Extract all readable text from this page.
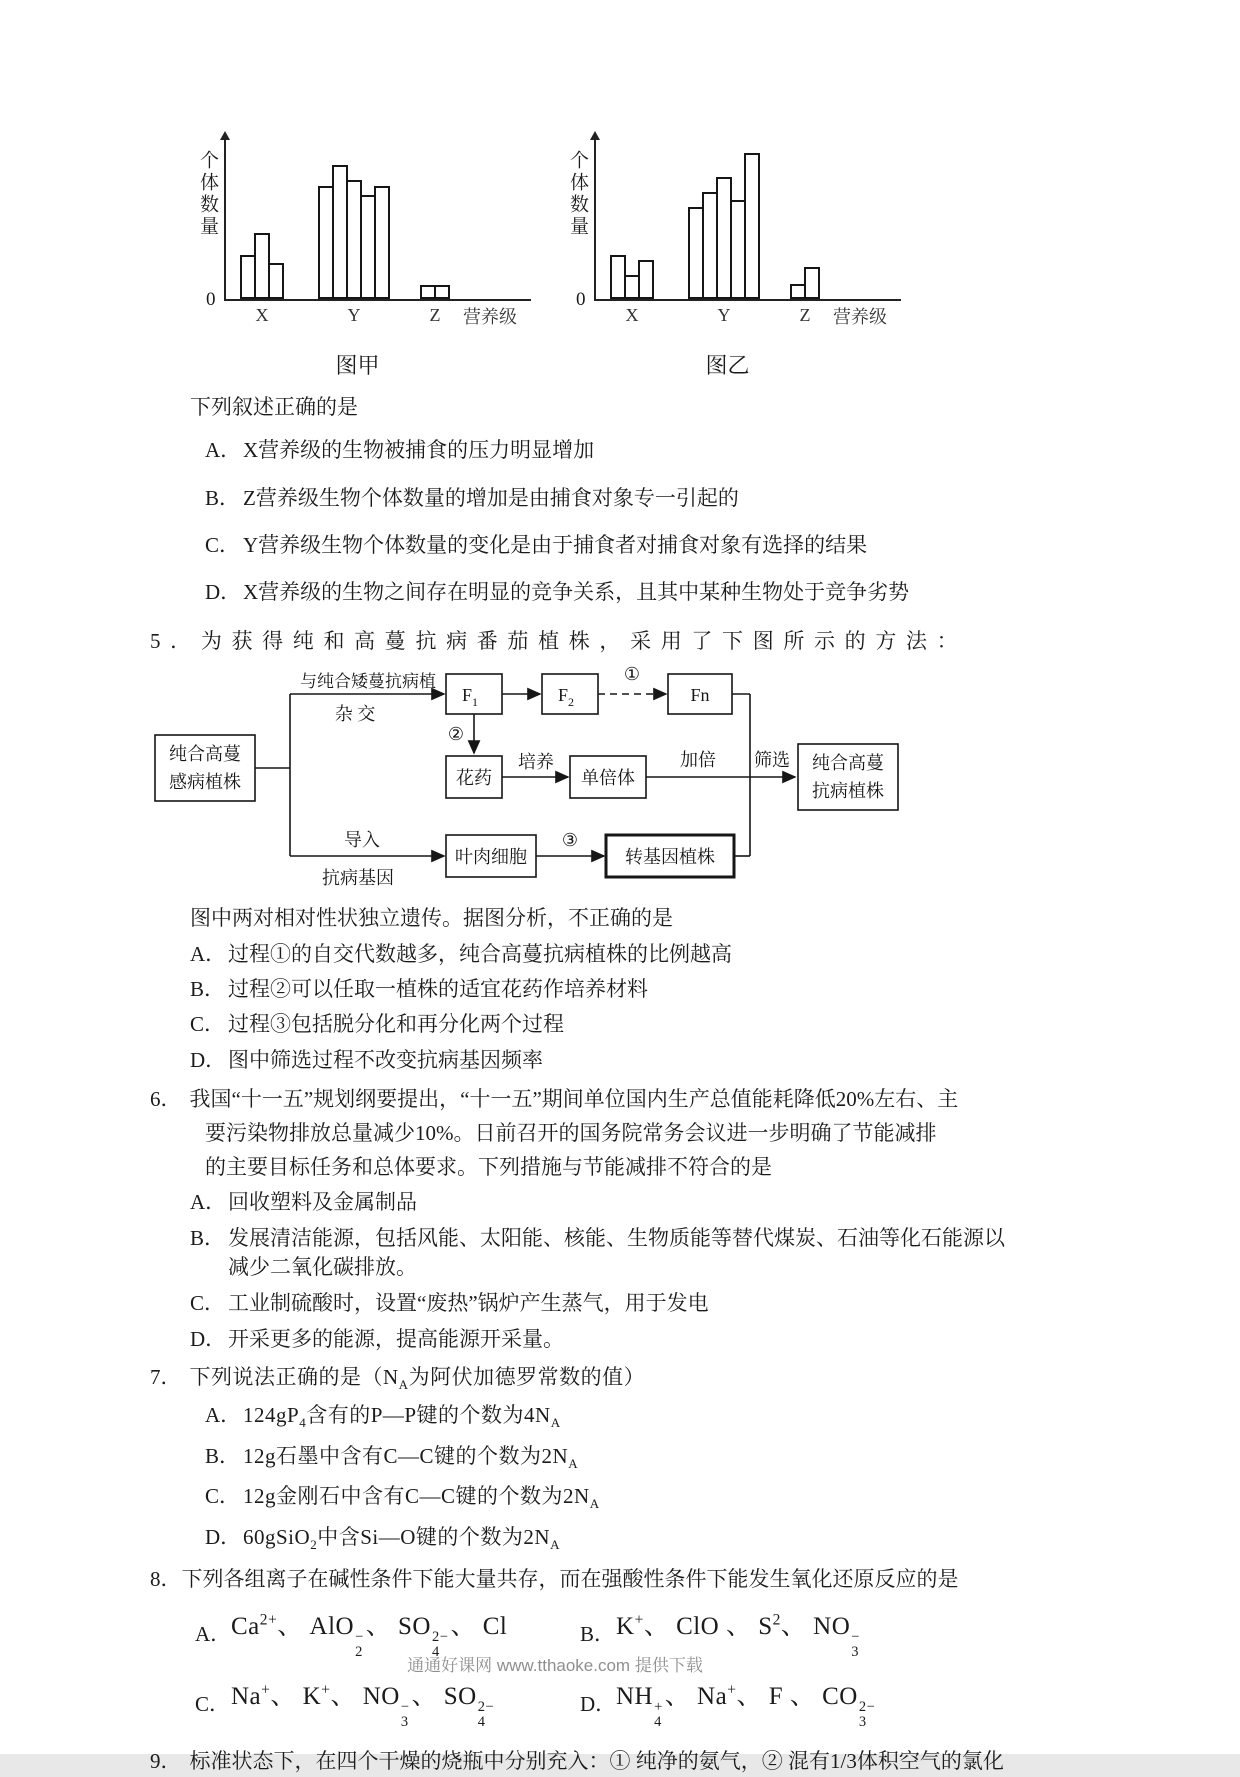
个体数量
0
X	Y	Z	营养级
图甲
个体数量
0
X	Y	Z	营养级
图乙
下列叙述正确的是
A． X营养级的生物被捕食的压力明显增加
B． Z营养级生物个体数量的增加是由捕食对象专一引起的
C． Y营养级生物个体数量的变化是由于捕食者对捕食对象有选择的结果
D． X营养级的生物之间存在明显的竞争关系，且其中某种生物处于竞争劣势
5．为获得纯和高蔓抗病番茄植株，采用了下图所示的方法：
纯合高蔓
感病植株
与纯合矮蔓抗病植
杂 交
$F_1$	$F_2$
①
Fn
②
花药
培养
单倍体
加倍 筛选 纯合高蔓
抗病植株
导入
抗病基因
叶肉细胞
③
转基因植株
图中两对相对性状独立遗传。据图分析，不正确的是
A． 过程①的自交代数越多，纯合高蔓抗病植株的比例越高
B． 过程②可以任取一植株的适宜花药作培养材料
C． 过程③包括脱分化和再分化两个过程
D． 图中筛选过程不改变抗病基因频率
6． 我国“十一五”规划纲要提出，“十一五”期间单位国内生产总值能耗降低20%左右、主
要污染物排放总量减少10%。日前召开的国务院常务会议进一步明确了节能减排
的主要目标任务和总体要求。下列措施与节能减排不符合的是
A． 回收塑料及金属制品
B． 发展清洁能源，包括风能、太阳能、核能、生物质能等替代煤炭、石油等化石能源以
减少二氧化碳排放。
C． 工业制硫酸时，设置“废热”锅炉产生蒸气，用于发电
D． 开采更多的能源，提高能源开采量。
7． 下列说法正确的是（$N_A$为阿伏加德罗常数的值）
A． $124gP_4$含有的P—P键的个数为$4N_A$
B． 12g石墨中含有C—C键的个数为$2N_A$
C． 12g金刚石中含有C—C键的个数为$2N_A$
D． 60gSiO$_2$中含Si—O键的个数为$2N_A$
8．下列各组离子在碱性条件下能大量共存，而在强酸性条件下能发生氧化还原反应的是
A． $Ca^{2+}$、 AlO −
2
、 SO 2−
4
、 Cl	B． K+、 ClO 、 $S^2$、 NO −
3
C． Na+、 K+、 NO −
3
、 SO 2−
4
D． NH +
4
、 Na+、 F 、 CO 2−
3
9． 标准状态下，在四个干燥的烧瓶中分别充入：① 纯净的氨气，② 混有1/3体积空气的氯化
通通好课网 www.tthaoke.com 提供下载
